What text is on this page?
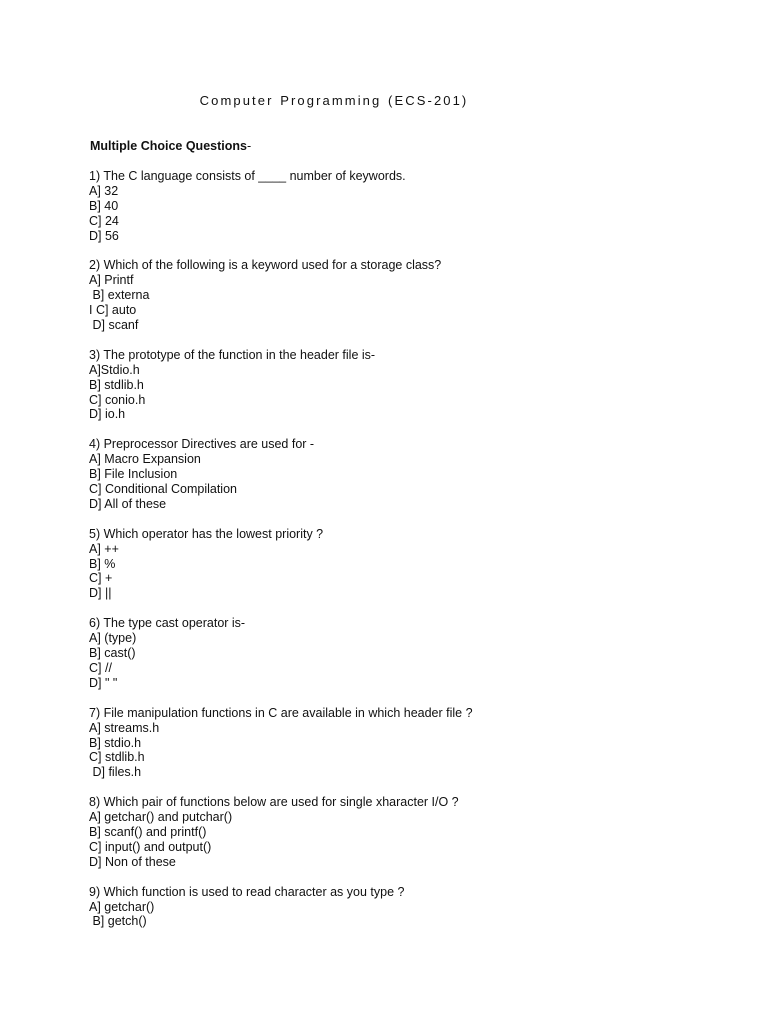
Computer Programming (ECS-201)
Multiple Choice Questions-
1) The C language consists of ____ number of keywords.
A] 32
B] 40
C] 24
D] 56
2) Which of the following is a keyword used for a storage class?
A] Printf
B] externa
I C] auto
D] scanf
3) The prototype of the function in the header file is-
A]Stdio.h
B] stdlib.h
C] conio.h
D] io.h
4) Preprocessor Directives are used for -
A] Macro Expansion
B] File Inclusion
C] Conditional Compilation
D] All of these
5) Which operator has the lowest priority ?
A] ++
B] %
C] +
D] ||
6) The type cast operator is-
A] (type)
B] cast()
C] //
D] " "
7) File manipulation functions in C are available in which header file ?
A] streams.h
B] stdio.h
C] stdlib.h
D] files.h
8) Which pair of functions below are used for single xharacter I/O ?
A] getchar() and putchar()
B] scanf() and printf()
C] input() and output()
D] Non of these
9) Which function is used to read character as you type ?
A] getchar()
B] getch()
